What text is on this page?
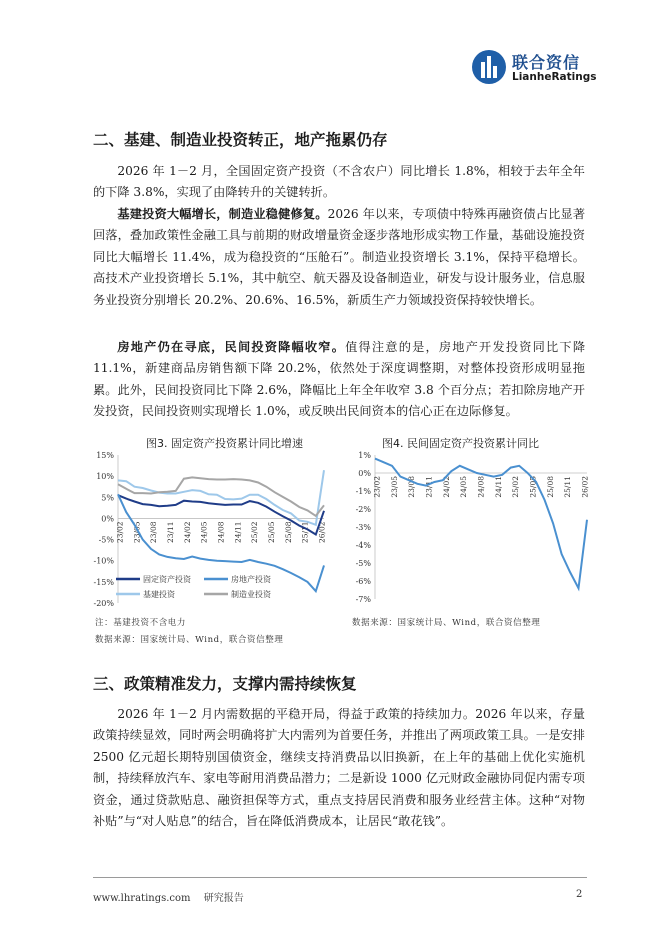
联合资信
LianheRatings
二、基建、制造业投资转正，地产拖累仍存

2026 年 1－2 月，全国固定资产投资（不含农户）同比增长 1.8%，相较于去年全年的下降 3.8%，实现了由降转升的关键转折。

基建投资大幅增长，制造业稳健修复。2026 年以来，专项债中特殊再融资债占比显著回落，叠加政策性金融工具与前期的财政增量资金逐步落地形成实物工作量，基础设施投资同比大幅增长 11.4%，成为稳投资的“压舱石”。制造业投资增长 3.1%，保持平稳增长。高技术产业投资增长 5.1%，其中航空、航天器及设备制造业，研发与设计服务业，信息服务业投资分别增长 20.2%、20.6%、16.5%，新质生产力领域投资保持较快增长。

房地产仍在寻底，民间投资降幅收窄。值得注意的是，房地产开发投资同比下降 11.1%，新建商品房销售额下降 20.2%，依然处于深度调整期，对整体投资形成明显拖累。此外，民间投资同比下降 2.6%，降幅比上年全年收窄 3.8 个百分点；若扣除房地产开发投资，民间投资则实现增长 1.0%，或反映出民间资本的信心正在边际修复。

图3. 固定资产投资累计同比增速
15%
10%
5%
0%
-5%
-10%
-15%
-20%
23/02 23/05 23/08 23/11 24/02 24/05 24/08 24/11 25/02 25/05 25/08 25/11 26/02
固定资产投资	房地产投资
基建投资	制造业投资
注：基建投资不含电力
数据来源：国家统计局、Wind，联合资信整理
图4. 民间固定资产投资累计同比
1%
0%
-1%
-2%
-3%
-4%
-5%
-6%
-7%
23/02 23/05 23/08 23/11 24/02 24/05 24/08 24/11 25/02 25/05 25/08 25/11 26/02
数据来源：国家统计局、Wind，联合资信整理
三、政策精准发力，支撑内需持续恢复

2026 年 1－2 月内需数据的平稳开局，得益于政策的持续加力。2026 年以来，存量政策持续显效，同时两会明确将扩大内需列为首要任务，并推出了两项政策工具。一是安排 2500 亿元超长期特别国债资金，继续支持消费品以旧换新，在上年的基础上优化实施机制，持续释放汽车、家电等耐用消费品潜力；二是新设 1000 亿元财政金融协同促内需专项资金，通过贷款贴息、融资担保等方式，重点支持居民消费和服务业经营主体。这种“对物补贴”与“对人贴息”的结合，旨在降低消费成本，让居民“敢花钱”。

www.lhratings.com 研究报告	2
